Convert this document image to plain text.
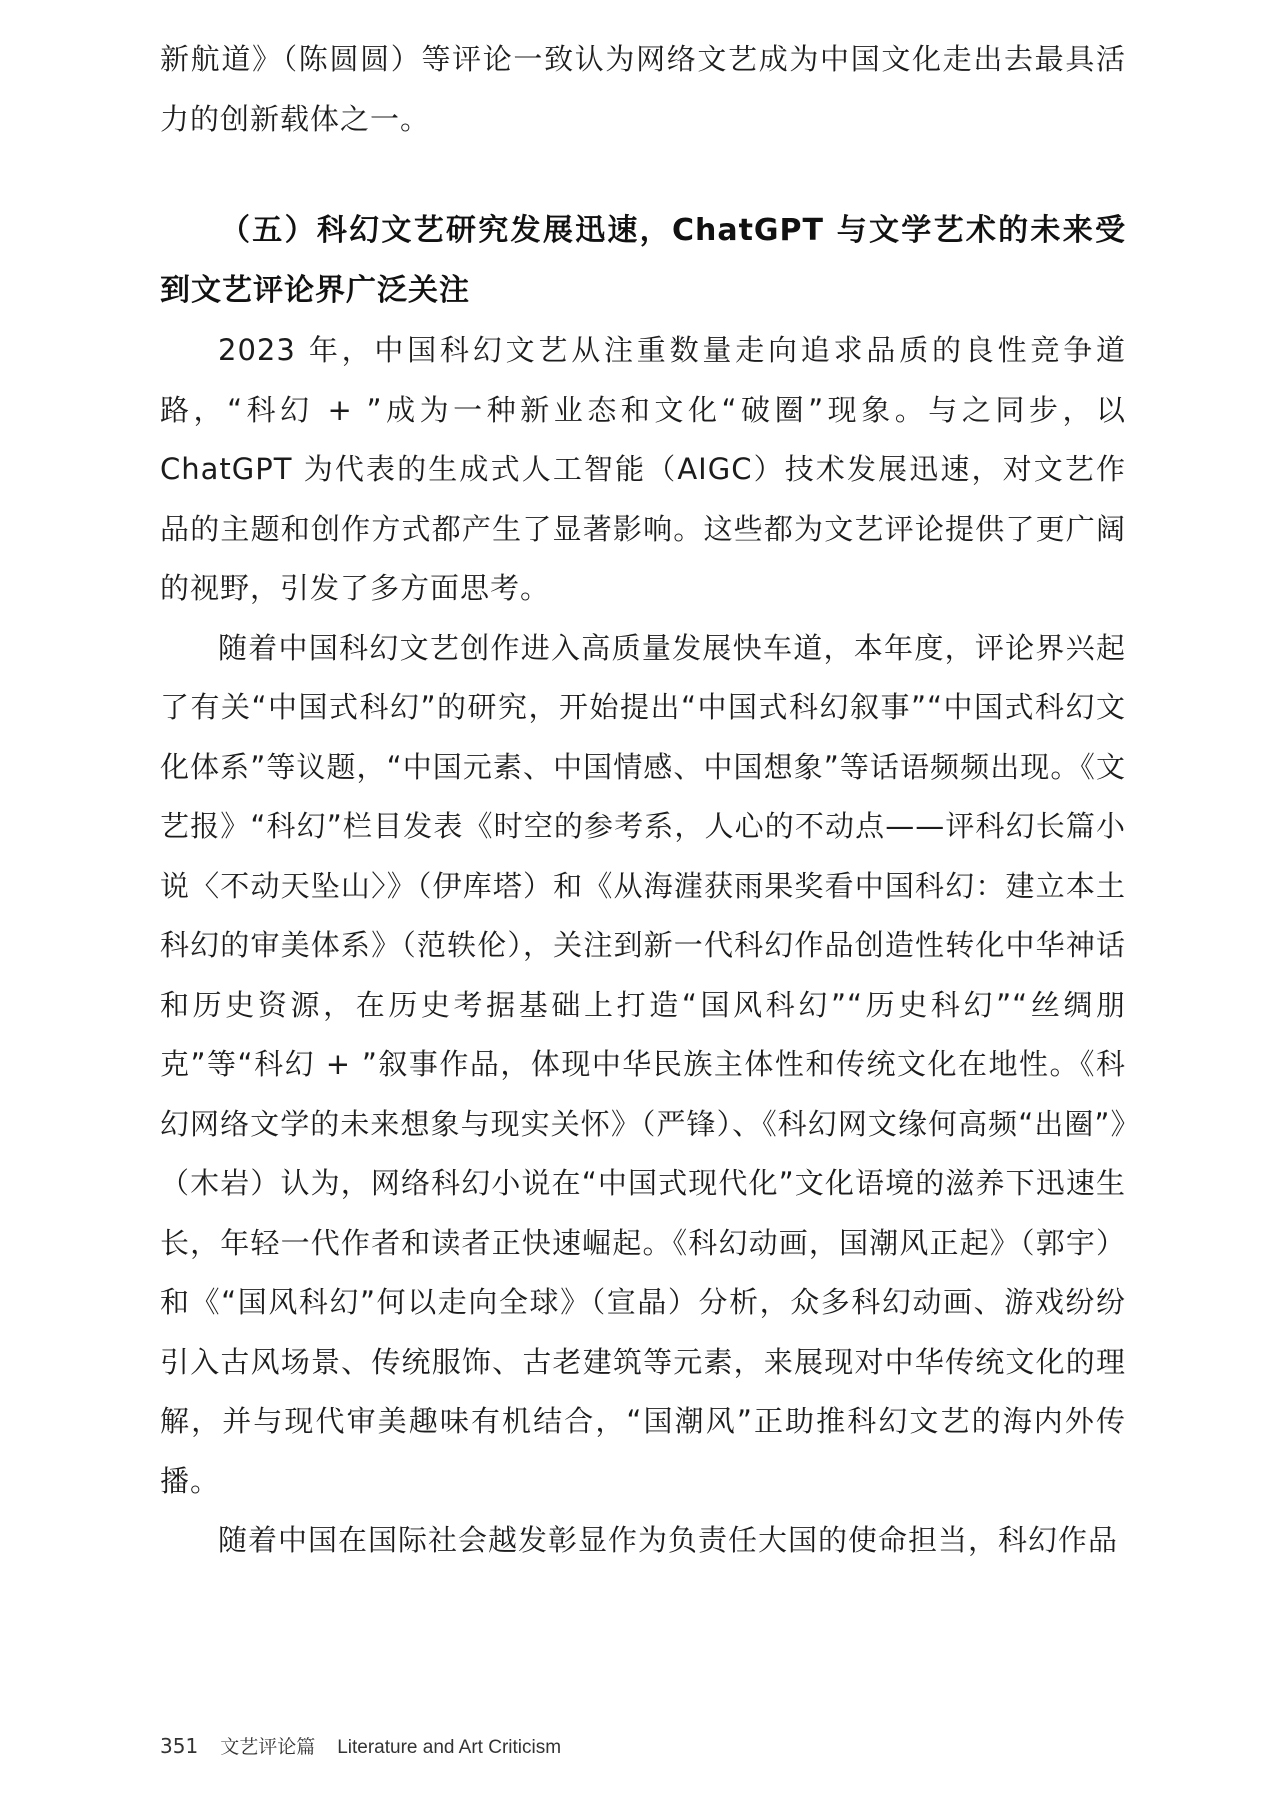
新航道》（陈圆圆）等评论一致认为网络文艺成为中国文化走出去最具活力的创新载体之一。

（五）科幻文艺研究发展迅速，ChatGPT 与文学艺术的未来受到文艺评论界广泛关注

2023 年，中国科幻文艺从注重数量走向追求品质的良性竞争道路，“科幻 + ”成为一种新业态和文化“破圈”现象。与之同步，以 ChatGPT 为代表的生成式人工智能（AIGC）技术发展迅速，对文艺作品的主题和创作方式都产生了显著影响。这些都为文艺评论提供了更广阔的视野，引发了多方面思考。

随着中国科幻文艺创作进入高质量发展快车道，本年度，评论界兴起了有关“中国式科幻”的研究，开始提出“中国式科幻叙事”“中国式科幻文化体系”等议题，“中国元素、中国情感、中国想象”等话语频频出现。《文艺报》“科幻”栏目发表《时空的参考系，人心的不动点——评科幻长篇小说〈不动天坠山〉》（伊库塔）和《从海漄获雨果奖看中国科幻：建立本土科幻的审美体系》（范轶伦），关注到新一代科幻作品创造性转化中华神话和历史资源，在历史考据基础上打造“国风科幻”“历史科幻”“丝绸朋克”等“科幻 + ”叙事作品，体现中华民族主体性和传统文化在地性。《科幻网络文学的未来想象与现实关怀》（严锋）、《科幻网文缘何高频“出圈”》（木岩）认为，网络科幻小说在“中国式现代化”文化语境的滋养下迅速生长，年轻一代作者和读者正快速崛起。《科幻动画，国潮风正起》（郭宇）和《“国风科幻”何以走向全球》（宣晶）分析，众多科幻动画、游戏纷纷引入古风场景、传统服饰、古老建筑等元素，来展现对中华传统文化的理解，并与现代审美趣味有机结合，“国潮风”正助推科幻文艺的海内外传播。

随着中国在国际社会越发彰显作为负责任大国的使命担当，科幻作品

351 文艺评论篇 Literature and Art Criticism
